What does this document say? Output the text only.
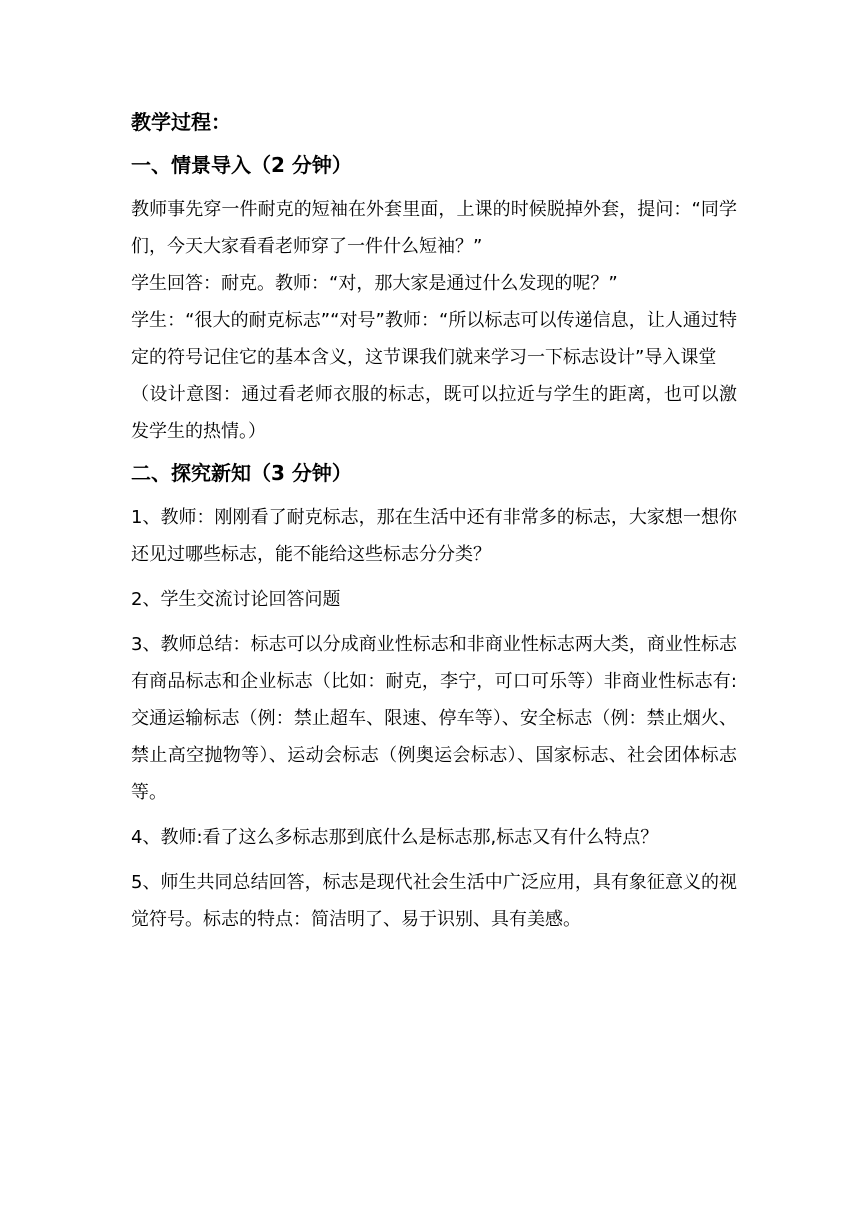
教学过程：
一、情景导入（2 分钟）

教师事先穿一件耐克的短袖在外套里面，上课的时候脱掉外套，提问：“同学们，今天大家看看老师穿了一件什么短袖？”

学生回答：耐克。教师：“对，那大家是通过什么发现的呢？”

学生：“很大的耐克标志”“对号”教师：“所以标志可以传递信息，让人通过特定的符号记住它的基本含义，这节课我们就来学习一下标志设计”导入课堂

（设计意图：通过看老师衣服的标志，既可以拉近与学生的距离，也可以激发学生的热情。）

二、探究新知（3 分钟）

1、教师：刚刚看了耐克标志，那在生活中还有非常多的标志，大家想一想你还见过哪些标志，能不能给这些标志分分类？

2、学生交流讨论回答问题

3、教师总结：标志可以分成商业性标志和非商业性标志两大类，商业性标志有商品标志和企业标志（比如：耐克，李宁，可口可乐等）非商业性标志有:交通运输标志（例：禁止超车、限速、停车等）、安全标志（例：禁止烟火、禁止高空抛物等）、运动会标志（例奥运会标志）、国家标志、社会团体标志等。

4、教师:看了这么多标志那到底什么是标志那,标志又有什么特点？

5、师生共同总结回答，标志是现代社会生活中广泛应用，具有象征意义的视觉符号。标志的特点：简洁明了、易于识别、具有美感。
